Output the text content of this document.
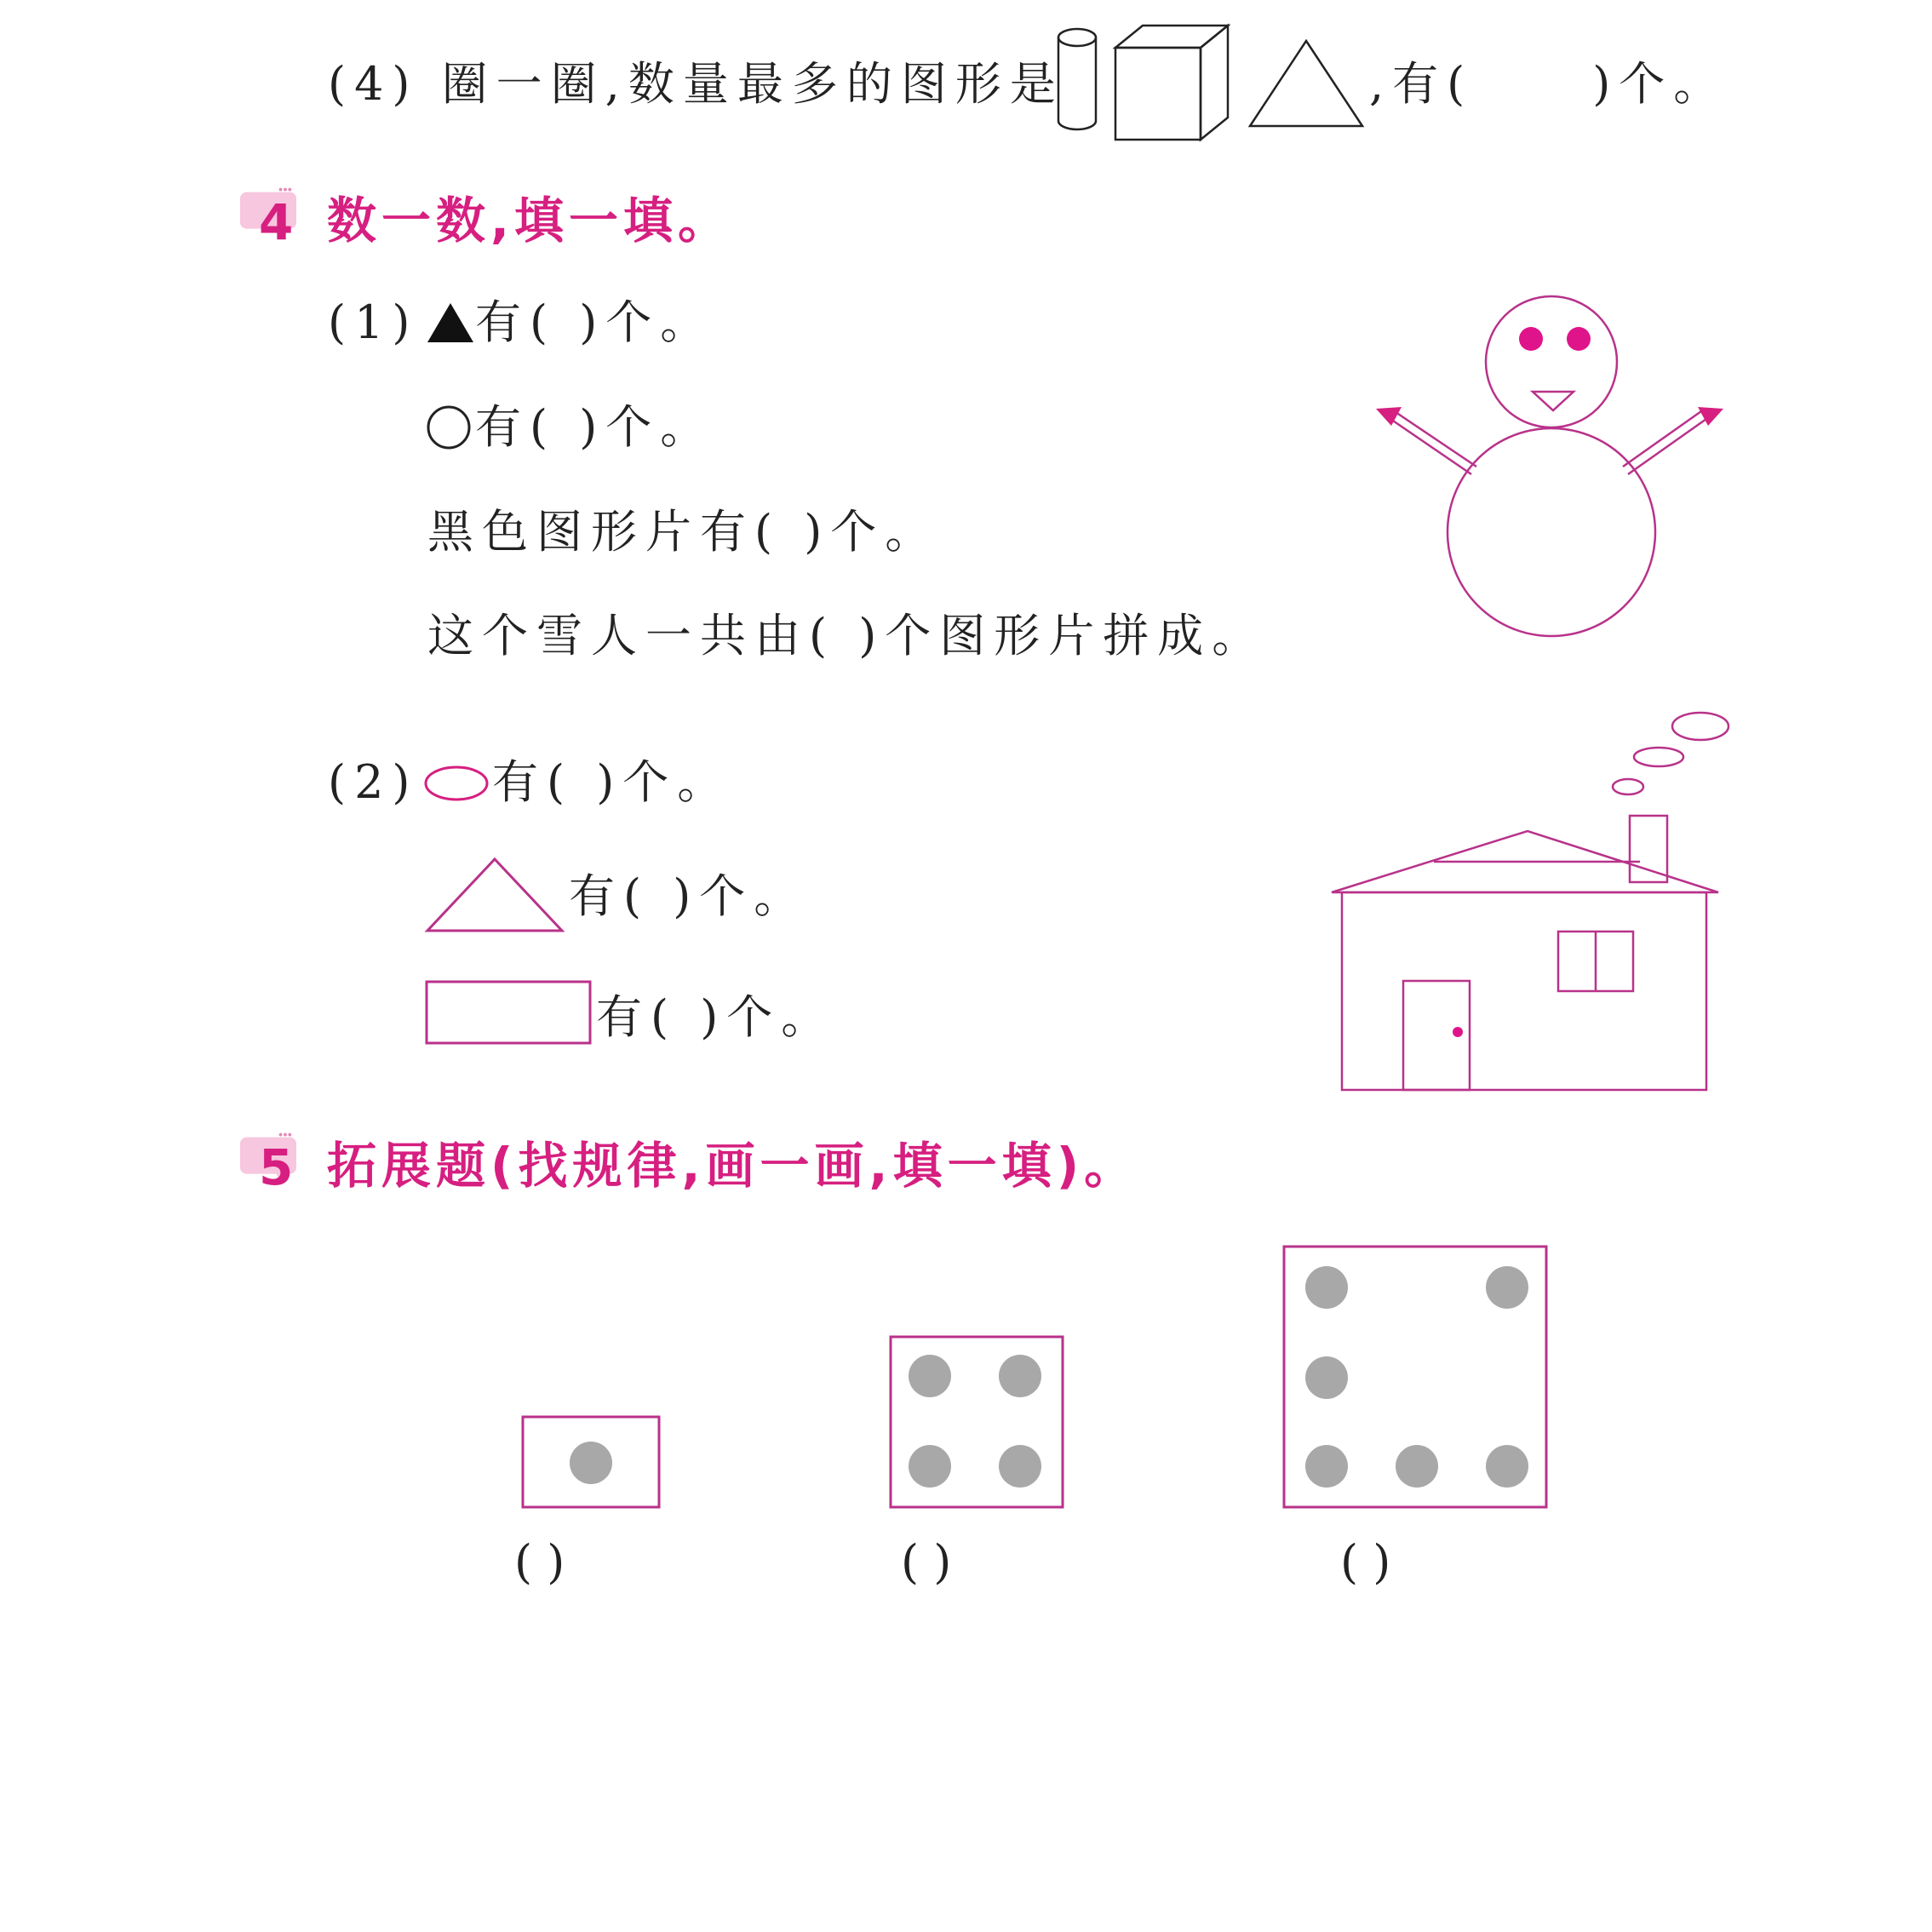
(4) 圈一圈,数量最多的图形是	,有(	)个。
4 数一数,填一填。
(1)	有( )个。
有( )个。
黑色图形片有( )个。
这个雪人一共由( )个图形片拼成。
(2)	有( )个。
有( )个。
有( )个。
5 拓展题(找规律,画一画,填一填)。
( )	( )	( )
